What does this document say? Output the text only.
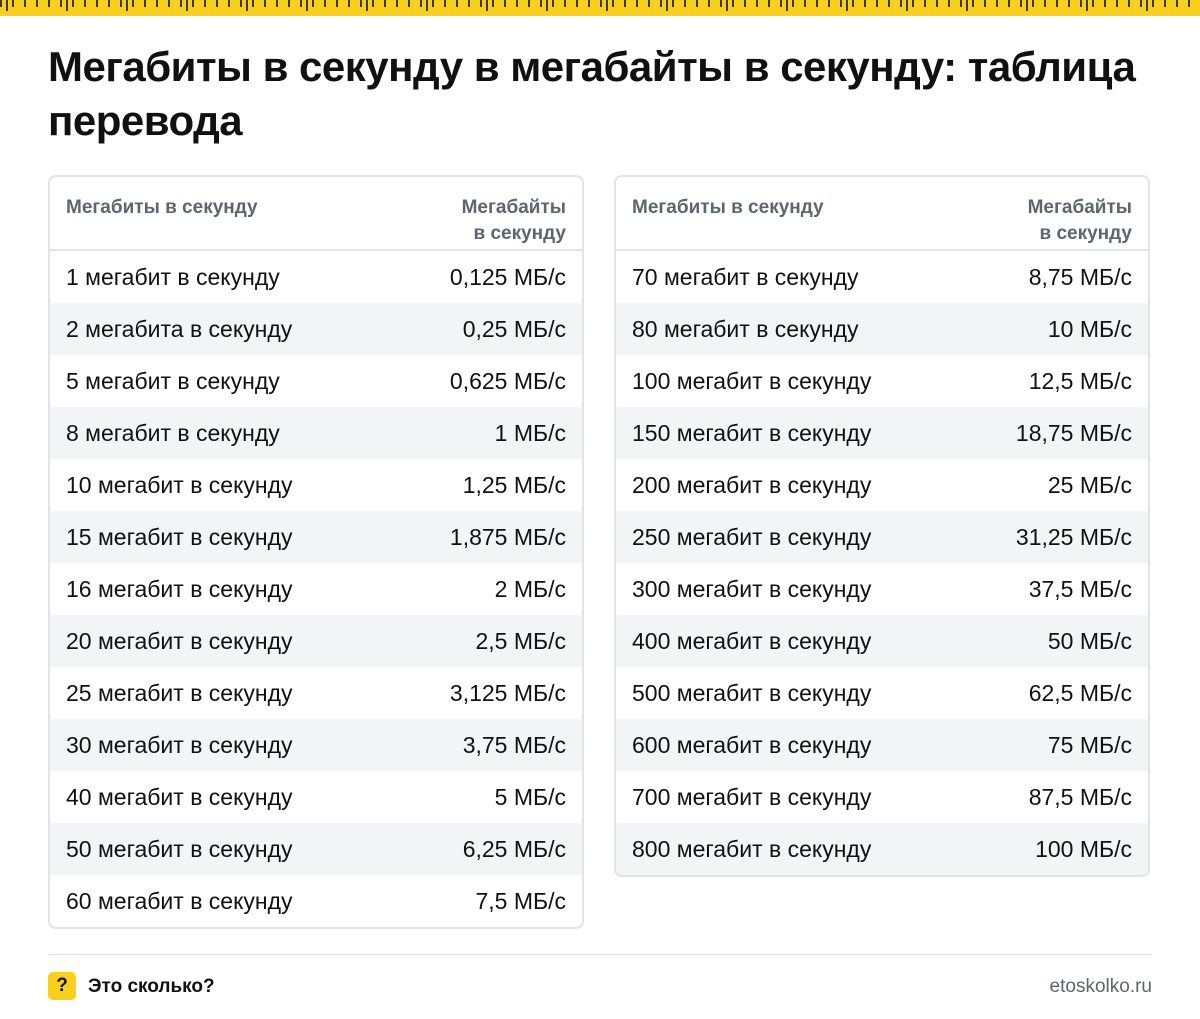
Мегабиты в секунду в мегабайты в секунду: таблица перевода
Мегабиты в секунду	Мегабайты
в секунду
1 мегабит в секунду	0,125 МБ/с
2 мегабита в секунду	0,25 МБ/с
5 мегабит в секунду	0,625 МБ/с
8 мегабит в секунду	1 МБ/с
10 мегабит в секунду	1,25 МБ/с
15 мегабит в секунду	1,875 МБ/с
16 мегабит в секунду	2 МБ/с
20 мегабит в секунду	2,5 МБ/с
25 мегабит в секунду	3,125 МБ/с
30 мегабит в секунду	3,75 МБ/с
40 мегабит в секунду	5 МБ/с
50 мегабит в секунду	6,25 МБ/с
60 мегабит в секунду	7,5 МБ/с
Мегабиты в секунду	Мегабайты
в секунду
70 мегабит в секунду	8,75 МБ/с
80 мегабит в секунду	10 МБ/с
100 мегабит в секунду	12,5 МБ/с
150 мегабит в секунду	18,75 МБ/с
200 мегабит в секунду	25 МБ/с
250 мегабит в секунду	31,25 МБ/с
300 мегабит в секунду	37,5 МБ/с
400 мегабит в секунду	50 МБ/с
500 мегабит в секунду	62,5 МБ/с
600 мегабит в секунду	75 МБ/с
700 мегабит в секунду	87,5 МБ/с
800 мегабит в секунду	100 МБ/с
?	Это сколько?	etoskolko.ru
